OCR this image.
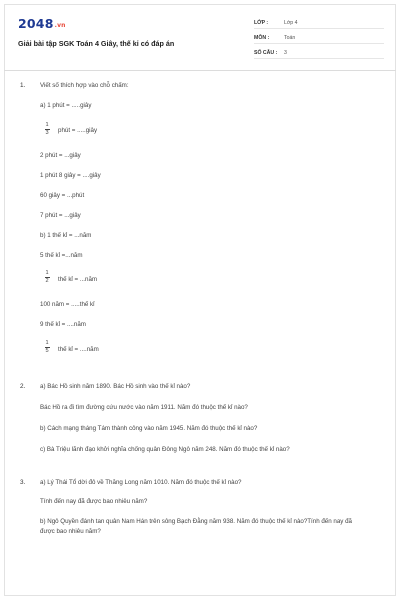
2048.vn
Giải bài tập SGK Toán 4 Giây, thế kỉ có đáp án
LỚP :	Lớp 4
MÔN :	Toán
SỐ CÂU : 3
1. Viết số thích hợp vào chỗ chấm:
a) 1 phút = .....giây
1
3 phút = .....giây
2 phút = ...giây
1 phút 8 giây = ....giây
60 giây = ...phút
7 phút = ...giây
b) 1 thế kỉ = ...năm
5 thế kỉ =...năm
1
2 thế kỉ = ...năm
100 năm = .....thế kỉ
9 thế kỉ = ....năm
1
5 thế kỉ = ....năm
2. a) Bác Hồ sinh năm 1890. Bác Hồ sinh vào thế kỉ nào?
Bác Hồ ra đi tìm đường cứu nước vào năm 1911. Năm đó thuộc thế kỉ nào?
b) Cách mạng tháng Tám thành công vào năm 1945. Năm đó thuộc thế kỉ nào?
c) Bà Triệu lãnh đạo khởi nghĩa chống quân Đông Ngô năm 248. Năm đó thuộc thế kỉ nào?
3. a) Lý Thái Tổ dời đô về Thăng Long năm 1010. Năm đó thuộc thế kỉ nào?
Tính đến nay đã được bao nhiêu năm?
b) Ngô Quyền đánh tan quân Nam Hán trên sông Bạch Đằng năm 938. Năm đó thuộc thế kỉ nào?Tính đến nay đã được bao nhiêu năm?
